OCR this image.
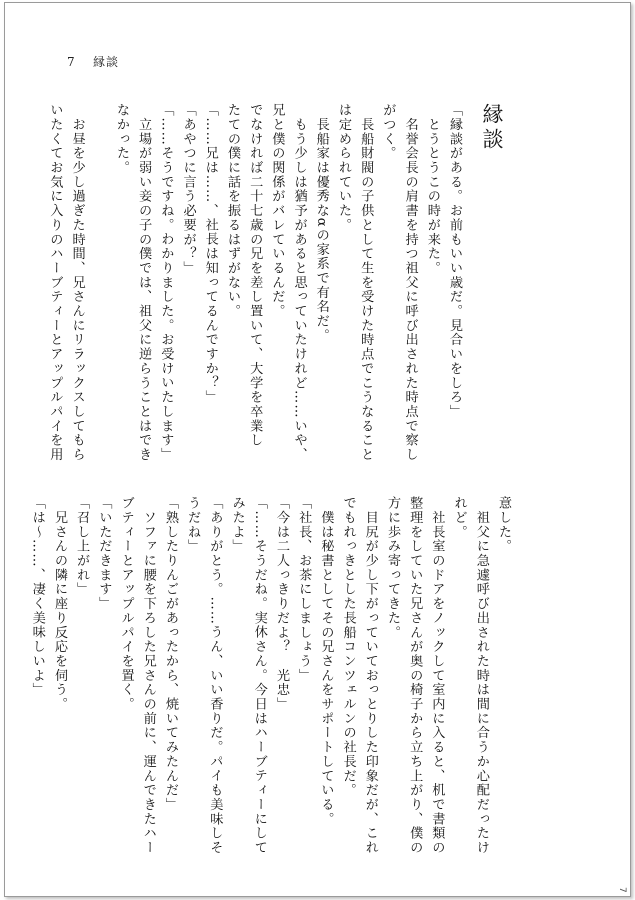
7 縁談
縁談
「縁談がある。お前もいい歳だ。見合いをしろ」
　とうとうこの時が来た。
　名誉会長の肩書を持つ祖父に呼び出された時点で察し
がつく。
　長船財閥の子供として生を受けた時点でこうなること
は定められていた。
　長船家は優秀なαの家系で有名だ。
　もう少しは猶予があると思っていたけれど……いや、
兄と僕の関係がバレているんだ。
でなければ二十七歳の兄を差し置いて、大学を卒業し
たての僕に話を振るはずがない。
「……兄は……、社長は知ってるんですか？」
「あやつに言う必要が？」
「……そうですね。わかりました。お受けいたします」
　立場が弱い妾の子の僕では、祖父に逆らうことはでき
なかった。
　お昼を少し過ぎた時間、兄さんにリラックスしてもら
いたくてお気に入りのハーブティーとアップルパイを用
意した。
　祖父に急遽呼び出された時は間に合うか心配だったけ
れど。
　社長室のドアをノックして室内に入ると、机で書類の
整理をしていた兄さんが奥の椅子から立ち上がり、僕の
方に歩み寄ってきた。
　目尻が少し下がっていておっとりした印象だが、これ
でもれっきとした長船コンツェルンの社長だ。
　僕は秘書としてその兄さんをサポートしている。
「社長、お茶にしましょう」
「今は二人っきりだよ？　光忠」
「……そうだね。実休さん。今日はハーブティーにして
みたよ」
「ありがとう。……うん、いい香りだ。パイも美味しそ
うだね」
「熟したりんごがあったから、焼いてみたんだ」
　ソファに腰を下ろした兄さんの前に、運んできたハー
ブティーとアップルパイを置く。
「いただきます」
「召し上がれ」
　兄さんの隣に座り反応を伺う。
「は～……、凄く美味しいよ」
7
